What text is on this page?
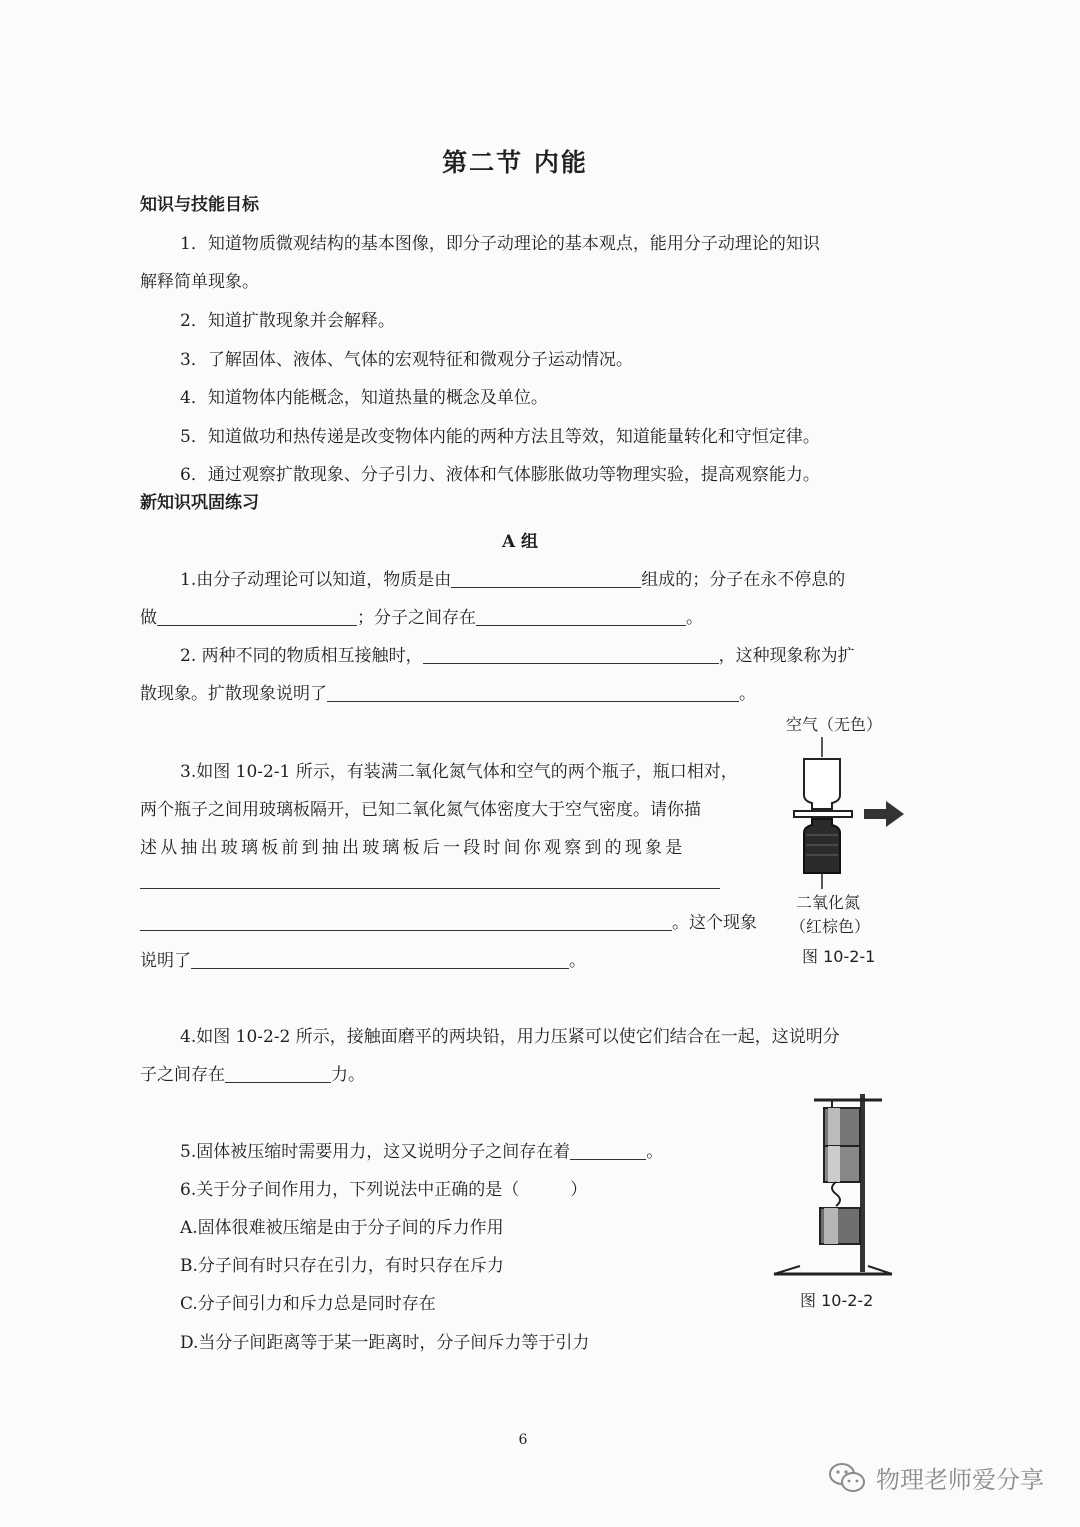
第二节 内能
知识与技能目标
1．知道物质微观结构的基本图像，即分子动理论的基本观点，能用分子动理论的知识
解释简单现象。
2．知道扩散现象并会解释。
3．了解固体、液体、气体的宏观特征和微观分子运动情况。
4．知道物体内能概念，知道热量的概念及单位。
5．知道做功和热传递是改变物体内能的两种方法且等效，知道能量转化和守恒定律。
6．通过观察扩散现象、分子引力、液体和气体膨胀做功等物理实验，提高观察能力。
新知识巩固练习
A 组
1.由分子动理论可以知道，物质是由	组成的；分子在永不停息的
做	；分子之间存在	。
2. 两种不同的物质相互接触时，	，这种现象称为扩
散现象。扩散现象说明了	。
3.如图 10-2-1 所示，有装满二氧化氮气体和空气的两个瓶子，瓶口相对，
两个瓶子之间用玻璃板隔开，已知二氧化氮气体密度大于空气密度。请你描
述从抽出玻璃板前到抽出玻璃板后一段时间你观察到的现象是
。这个现象
说明了	。
空气（无色）
二氧化氮
（红棕色）
图 10-2-1
4.如图 10-2-2 所示，接触面磨平的两块铅，用力压紧可以使它们结合在一起，这说明分
子之间存在	力。
图 10-2-2
5.固体被压缩时需要用力，这又说明分子之间存在着	。
6.关于分子间作用力，下列说法中正确的是（　　　）
A.固体很难被压缩是由于分子间的斥力作用
B.分子间有时只存在引力，有时只存在斥力
C.分子间引力和斥力总是同时存在
D.当分子间距离等于某一距离时，分子间斥力等于引力
6
物理老师爱分享
